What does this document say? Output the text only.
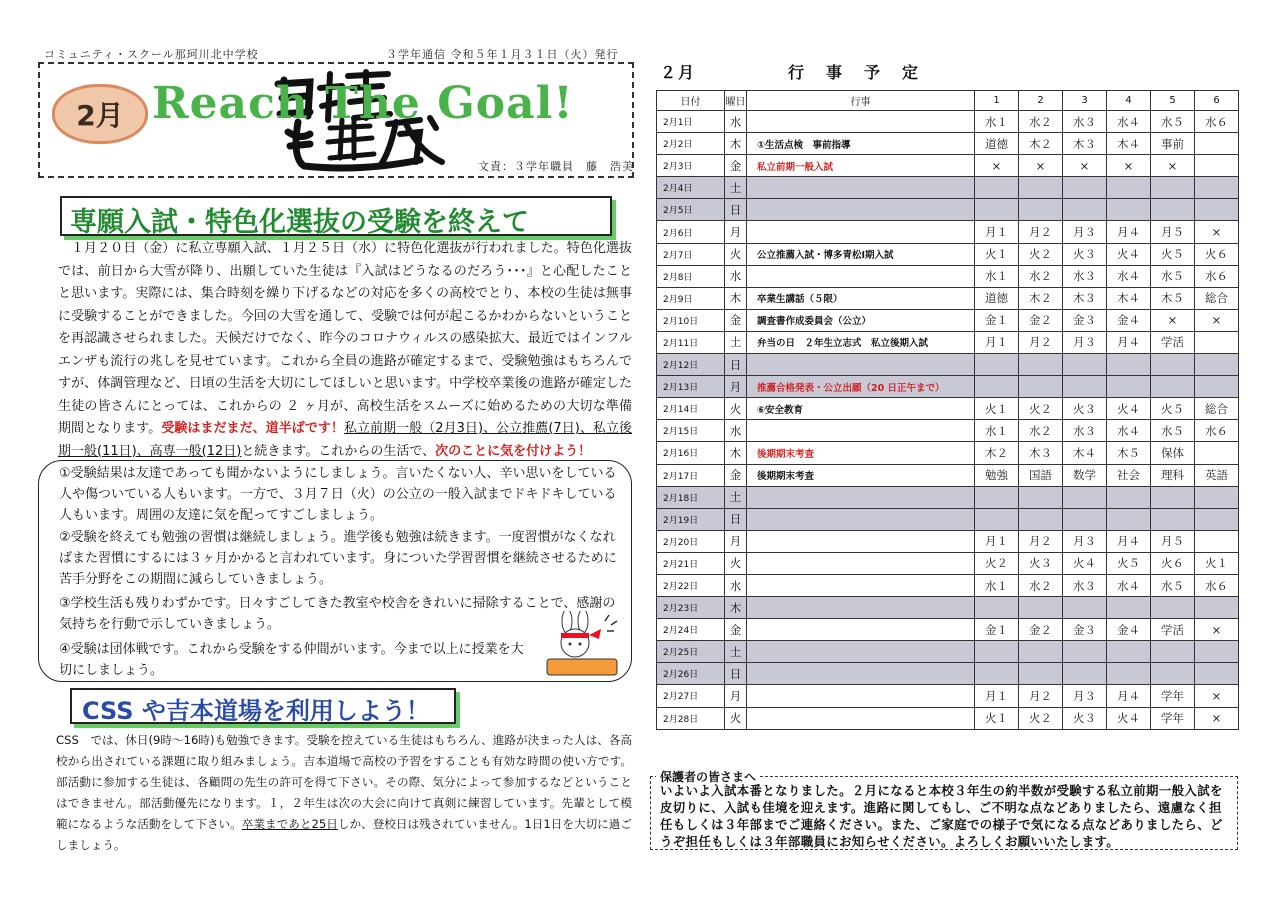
コミュニティ・スクール那珂川北中学校	３学年通信 令和５年１月３１日（火）発行
2月 Reach The Goal!
文責：３学年職員　藤　浩美
専願入試・特色化選抜の受験を終えて
１月２０日（金）に私立専願入試、１月２５日（水）に特色化選抜が行われました。特色化選抜では、前日から大雪が降り、出願していた生徒は『入試はどうなるのだろう･･･』と心配したことと思います。実際には、集合時刻を繰り下げるなどの対応を多くの高校でとり、本校の生徒は無事に受験することができました。今回の大雪を通して、受験では何が起こるかわからないということを再認識させられました。天候だけでなく、昨今のコロナウィルスの感染拡大、最近ではインフルエンザも流行の兆しを見せています。これから全員の進路が確定するまで、受験勉強はもちろんですが、体調管理など、日頃の生活を大切にしてほしいと思います。中学校卒業後の進路が確定した生徒の皆さんにとっては、これからの ２ ヶ月が、高校生活をスムーズに始めるための大切な準備期間となります。受験はまだまだ、道半ばです！私立前期一般（2月3日)、公立推薦(7日)、私立後期一般(11日)、高専一般(12日)と続きます。これからの生活で、次のことに気を付けよう！
①受験結果は友達であっても聞かないようにしましょう。言いたくない人、辛い思いをしている人や傷ついている人もいます。一方で、３月７日（火）の公立の一般入試までドキドキしている人もいます。周囲の友達に気を配ってすごしましょう。
②受験を終えても勉強の習慣は継続しましょう。進学後も勉強は続きます。一度習慣がなくなればまた習慣にするには３ヶ月かかると言われています。身についた学習習慣を継続させるために苦手分野をこの期間に減らしていきましょう。
③学校生活も残りわずかです。日々すごしてきた教室や校舎をきれいに掃除することで、感謝の気持ちを行動で示していきましょう。
④受験は団体戦です。これから受験をする仲間がいます。今まで以上に授業を大切にしましょう。
CSS や吉本道場を利用しよう！
CSS　では、休日(9時～16時)も勉強できます。受験を控えている生徒はもちろん、進路が決まった人は、各高校から出されている課題に取り組みましょう。吉本道場で高校の予習をすることも有効な時間の使い方です。部活動に参加する生徒は、各顧問の先生の許可を得て下さい。その際、気分によって参加するなどということはできません。部活動優先になります。１，２年生は次の大会に向けて真剣に練習しています。先輩として模範になるような活動をして下さい。卒業まであと25日しか、登校日は残されていません。1日1日を大切に過ごしましょう。
２月	行事予定
日付	曜日	行事	1	2	3	4	5	6
2月1日	水		水１	水２	水３	水４	水５	水６
2月2日	木	①生活点検　事前指導	道徳	木２	木３	木４	事前	
2月3日	金	私立前期一般入試	×	×	×	×	×	
2月4日	土							
2月5日	日							
2月6日	月		月１	月２	月３	月４	月５	×
2月7日	火	公立推薦入試・博多青松Ⅰ期入試	火１	火２	火３	火４	火５	火６
2月8日	水		水１	水２	水３	水４	水５	水６
2月9日	木	卒業生講話（５限）	道徳	木２	木３	木４	木５	総合
2月10日	金	調査書作成委員会（公立）	金１	金２	金３	金４	×	×
2月11日	土	弁当の日　２年生立志式　私立後期入試	月１	月２	月３	月４	学活	
2月12日	日							
2月13日	月	推薦合格発表・公立出願（20 日正午まで）						
2月14日	火	⑥安全教育	火１	火２	火３	火４	火５	総合
2月15日	水		水１	水２	水３	水４	水５	水６
2月16日	木	後期期末考査	木２	木３	木４	木５	保体	
2月17日	金	後期期末考査	勉強	国語	数学	社会	理科	英語
2月18日	土							
2月19日	日							
2月20日	月		月１	月２	月３	月４	月５	
2月21日	火		火２	火３	火４	火５	火６	火１
2月22日	水		水１	水２	水３	水４	水５	水６
2月23日	木							
2月24日	金		金１	金２	金３	金４	学活	×
2月25日	土							
2月26日	日							
2月27日	月		月１	月２	月３	月４	学年	×
2月28日	火		火１	火２	火３	火４	学年	×
保護者の皆さまへ
いよいよ入試本番となりました。２月になると本校３年生の約半数が受験する私立前期一般入試を皮切りに、入試も佳境を迎えます。進路に関してもし、ご不明な点などありましたら、遠慮なく担任もしくは３年部までご連絡ください。また、ご家庭での様子で気になる点などありましたら、どうぞ担任もしくは３年部職員にお知らせください。よろしくお願いいたします。
